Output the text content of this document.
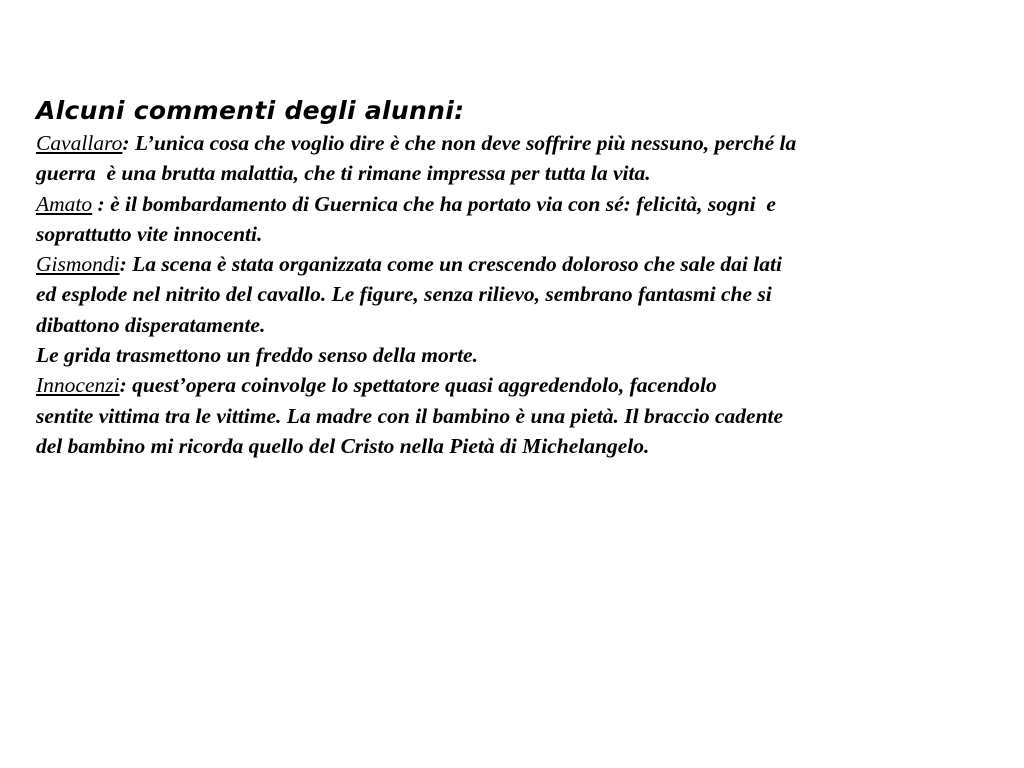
Alcuni commenti degli alunni:
Cavallaro: L’unica cosa che voglio dire è che non deve soffrire più nessuno, perché la
guerra  è una brutta malattia, che ti rimane impressa per tutta la vita.
Amato : è il bombardamento di Guernica che ha portato via con sé: felicità, sogni  e
soprattutto vite innocenti.
Gismondi: La scena è stata organizzata come un crescendo doloroso che sale dai lati
ed esplode nel nitrito del cavallo. Le figure, senza rilievo, sembrano fantasmi che si
dibattono disperatamente.
Le grida trasmettono un freddo senso della morte.
Innocenzi: quest’opera coinvolge lo spettatore quasi aggredendolo, facendolo
sentite vittima tra le vittime. La madre con il bambino è una pietà. Il braccio cadente
del bambino mi ricorda quello del Cristo nella Pietà di Michelangelo.
